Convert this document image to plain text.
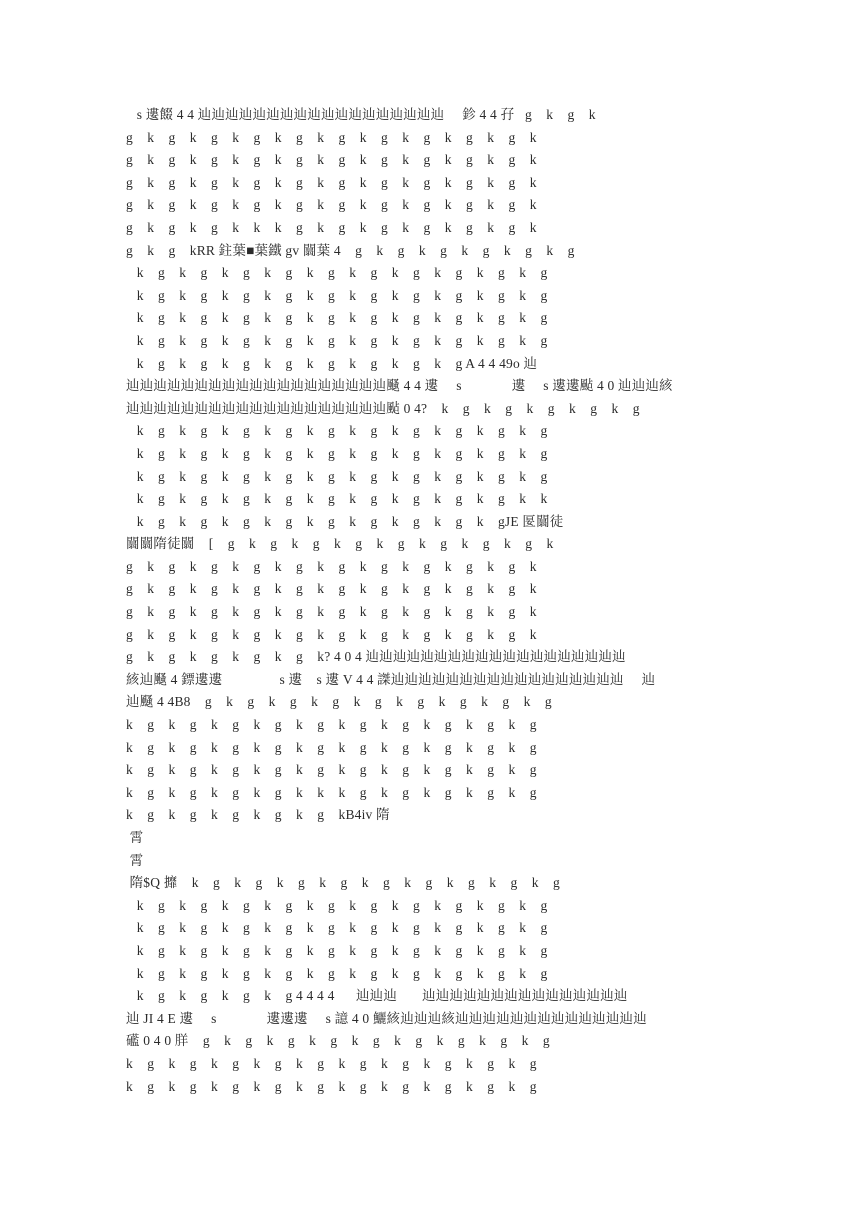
s 遱餟 4 4 辿辿辿辿辿辿辿辿辿辿辿辿辿辿辿辿辿辿     鉁 4 4 孖   g    k    g    k
g    k    g    k    g    k    g    k    g    k    g    k    g    k    g    k    g    k    g    k
g    k    g    k    g    k    g    k    g    k    g    k    g    k    g    k    g    k    g    k
g    k    g    k    g    k    g    k    g    k    g    k    g    k    g    k    g    k    g    k
g    k    g    k    g    k    g    k    g    k    g    k    g    k    g    k    g    k    g    k
g    k    g    k    g    k    k    k    g    k    g    k    g    k    g    k    g    k    g    k
g    k    g    kRR 鉒葉■葉鐵 gv 闒葉 4    g    k    g    k    g    k    g    k    g    k    g
k    g    k    g    k    g    k    g    k    g    k    g    k    g    k    g    k    g    k    g
k    g    k    g    k    g    k    g    k    g    k    g    k    g    k    g    k    g    k    g
k    g    k    g    k    g    k    g    k    g    k    g    k    g    k    g    k    g    k    g
k    g    k    g    k    g    k    g    k    g    k    g    k    g    k    g    k    g    k    g
k    g    k    g    k    g    k    g    k    g    k    g    k    g    k    g A 4 4 49o 辿
辿辿辿辿辿辿辿辿辿辿辿辿辿辿辿辿辿辿辿颾 4 4 遱     s              遱     s 遱遱颭 4 0 辿辿辿絯
辿辿辿辿辿辿辿辿辿辿辿辿辿辿辿辿辿辿辿颭 0 4?    k    g    k    g    k    g    k    g    k    g
k    g    k    g    k    g    k    g    k    g    k    g    k    g    k    g    k    g    k    g
k    g    k    g    k    g    k    g    k    g    k    g    k    g    k    g    k    g    k    g
k    g    k    g    k    g    k    g    k    g    k    g    k    g    k    g    k    g    k    g
k    g    k    g    k    g    k    g    k    g    k    g    k    g    k    g    k    g    k    k
k    g    k    g    k    g    k    g    k    g    k    g    k    g    k    g    k    gJE 匽闒徒
闒闒隋徒闒    [    g    k    g    k    g    k    g    k    g    k    g    k    g    k    g    k
g    k    g    k    g    k    g    k    g    k    g    k    g    k    g    k    g    k    g    k
g    k    g    k    g    k    g    k    g    k    g    k    g    k    g    k    g    k    g    k
g    k    g    k    g    k    g    k    g    k    g    k    g    k    g    k    g    k    g    k
g    k    g    k    g    k    g    k    g    k    g    k    g    k    g    k    g    k    g    k
g    k    g    k    g    k    g    k    g    k? 4 0 4 辿辿辿辿辿辿辿辿辿辿辿辿辿辿辿辿辿辿辿
絯辿颾 4 鏢遱遱                s 遱    s 遱 V 4 4 謋辿辿辿辿辿辿辿辿辿辿辿辿辿辿辿辿辿     辿
辿颾 4 4B8    g    k    g    k    g    k    g    k    g    k    g    k    g    k    g    k    g
k    g    k    g    k    g    k    g    k    g    k    g    k    g    k    g    k    g    k    g
k    g    k    g    k    g    k    g    k    g    k    g    k    g    k    g    k    g    k    g
k    g    k    g    k    g    k    g    k    g    k    g    k    g    k    g    k    g    k    g
k    g    k    g    k    g    k    g    k    k    k    g    k    g    k    g    k    g    k    g
k    g    k    g    k    g    k    g    k    g    kB4iv 隋
霄
霄
隋$Q 攠    k    g    k    g    k    g    k    g    k    g    k    g    k    g    k    g    k    g
k    g    k    g    k    g    k    g    k    g    k    g    k    g    k    g    k    g    k    g
k    g    k    g    k    g    k    g    k    g    k    g    k    g    k    g    k    g    k    g
k    g    k    g    k    g    k    g    k    g    k    g    k    g    k    g    k    g    k    g
k    g    k    g    k    g    k    g    k    g    k    g    k    g    k    g    k    g    k    g
k    g    k    g    k    g    k    g 4 4 4 4      辿辿辿       辿辿辿辿辿辿辿辿辿辿辿辿辿辿辿
辿 JI 4 E 遱     s              遱遱遱     s 譩 4 0 鱺絯辿辿辿絯辿辿辿辿辿辿辿辿辿辿辿辿辿辿
礷 0 4 0 羘    g    k    g    k    g    k    g    k    g    k    g    k    g    k    g    k    g
k    g    k    g    k    g    k    g    k    g    k    g    k    g    k    g    k    g    k    g
k    g    k    g    k    g    k    g    k    g    k    g    k    g    k    g    k    g    k    g
